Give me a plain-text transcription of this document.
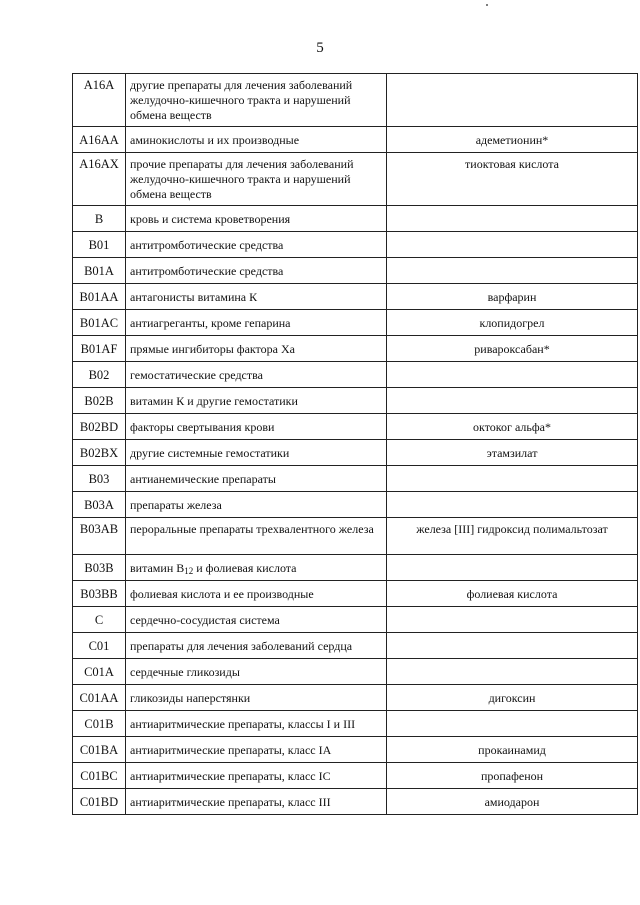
5
A16A	другие препараты для лечения заболеваний желудочно-кишечного тракта и нарушений обмена веществ	
A16AA	аминокислоты и их производные	адеметионин*
A16AX	прочие препараты для лечения заболеваний желудочно-кишечного тракта и нарушений обмена веществ	тиоктовая кислота
B	кровь и система кроветворения	
B01	антитромботические средства	
B01A	антитромботические средства	
B01AA	антагонисты витамина К	варфарин
B01AC	антиагреганты, кроме гепарина	клопидогрел
B01AF	прямые ингибиторы фактора Ха	ривароксабан*
B02	гемостатические средства	
B02B	витамин К и другие гемостатики	
B02BD	факторы свертывания крови	октоког альфа*
B02BX	другие системные гемостатики	этамзилат
B03	антианемические препараты	
B03A	препараты железа	
B03AB	пероральные препараты трехвалентного железа	железа [III] гидроксид полимальтозат
B03B	витамин $B_{12}$ и фолиевая кислота	
B03BB	фолиевая кислота и ее производные	фолиевая кислота
C	сердечно-сосудистая система	
C01	препараты для лечения заболеваний сердца	
C01A	сердечные гликозиды	
C01AA	гликозиды наперстянки	дигоксин
C01B	антиаритмические препараты, классы I и III	
C01BA	антиаритмические препараты, класс IA	прокаинамид
C01BC	антиаритмические препараты, класс IC	пропафенон
C01BD	антиаритмические препараты, класс III	амиодарон
